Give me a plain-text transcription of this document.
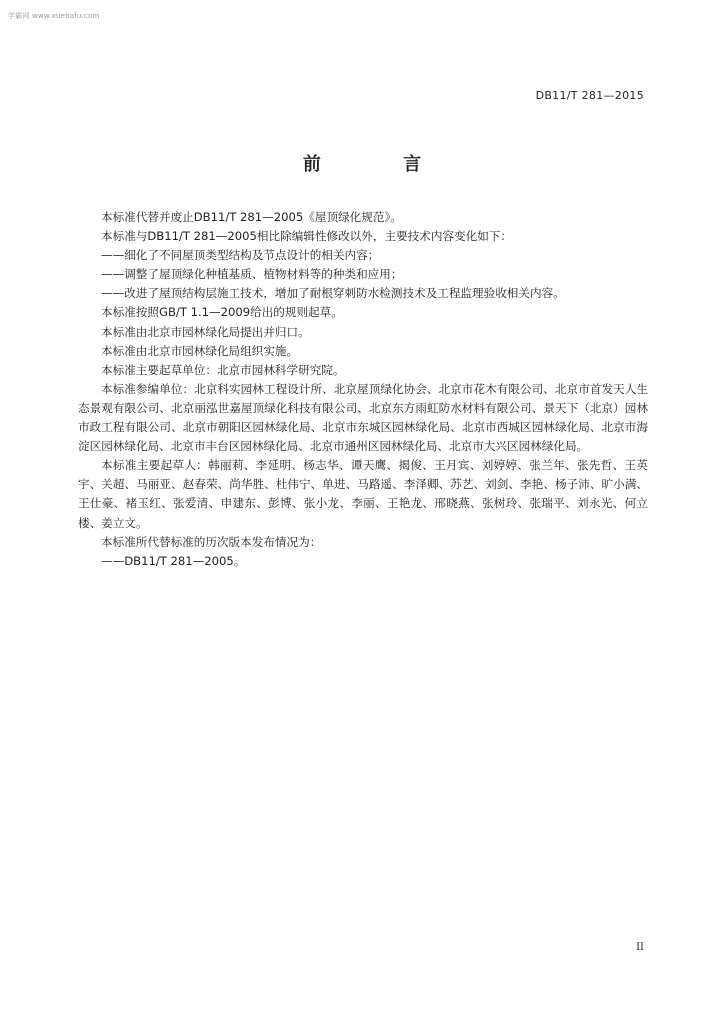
学霸网 www.xuebafu.com
DB11/T 281—2015
前 言

本标准代替并废止DB11/T 281—2005《屋顶绿化规范》。

本标准与DB11/T 281—2005相比除编辑性修改以外，主要技术内容变化如下：

——细化了不同屋顶类型结构及节点设计的相关内容；

——调整了屋顶绿化种植基质、植物材料等的种类和应用；

——改进了屋顶结构层施工技术，增加了耐根穿刺防水检测技术及工程监理验收相关内容。

本标准按照GB/T 1.1—2009给出的规则起草。

本标准由北京市园林绿化局提出并归口。

本标准由北京市园林绿化局组织实施。

本标准主要起草单位：北京市园林科学研究院。

本标准参编单位：北京科实园林工程设计所、北京屋顶绿化协会、北京市花木有限公司、北京市首发天人生态景观有限公司、北京丽泓世嘉屋顶绿化科技有限公司、北京东方雨虹防水材料有限公司、景天下（北京）园林市政工程有限公司、北京市朝阳区园林绿化局、北京市东城区园林绿化局、北京市西城区园林绿化局、北京市海淀区园林绿化局、北京市丰台区园林绿化局、北京市通州区园林绿化局、北京市大兴区园林绿化局。

本标准主要起草人：韩丽莉、李延明、杨志华、谭天鹰、揭俊、王月宾、刘婷婷、张兰年、张先哲、王英宇、关超、马丽亚、赵春荣、尚华胜、杜伟宁、单进、马路遥、李泽卿、苏艺、刘剑、李艳、杨子沛、旷小满、王仕豪、褚玉红、张爱清、申建东、彭博、张小龙、李丽、王艳龙、邢晓燕、张树玲、张瑞平、刘永光、何立楼、姜立文。

本标准所代替标准的历次版本发布情况为：

——DB11/T 281—2005。

II
